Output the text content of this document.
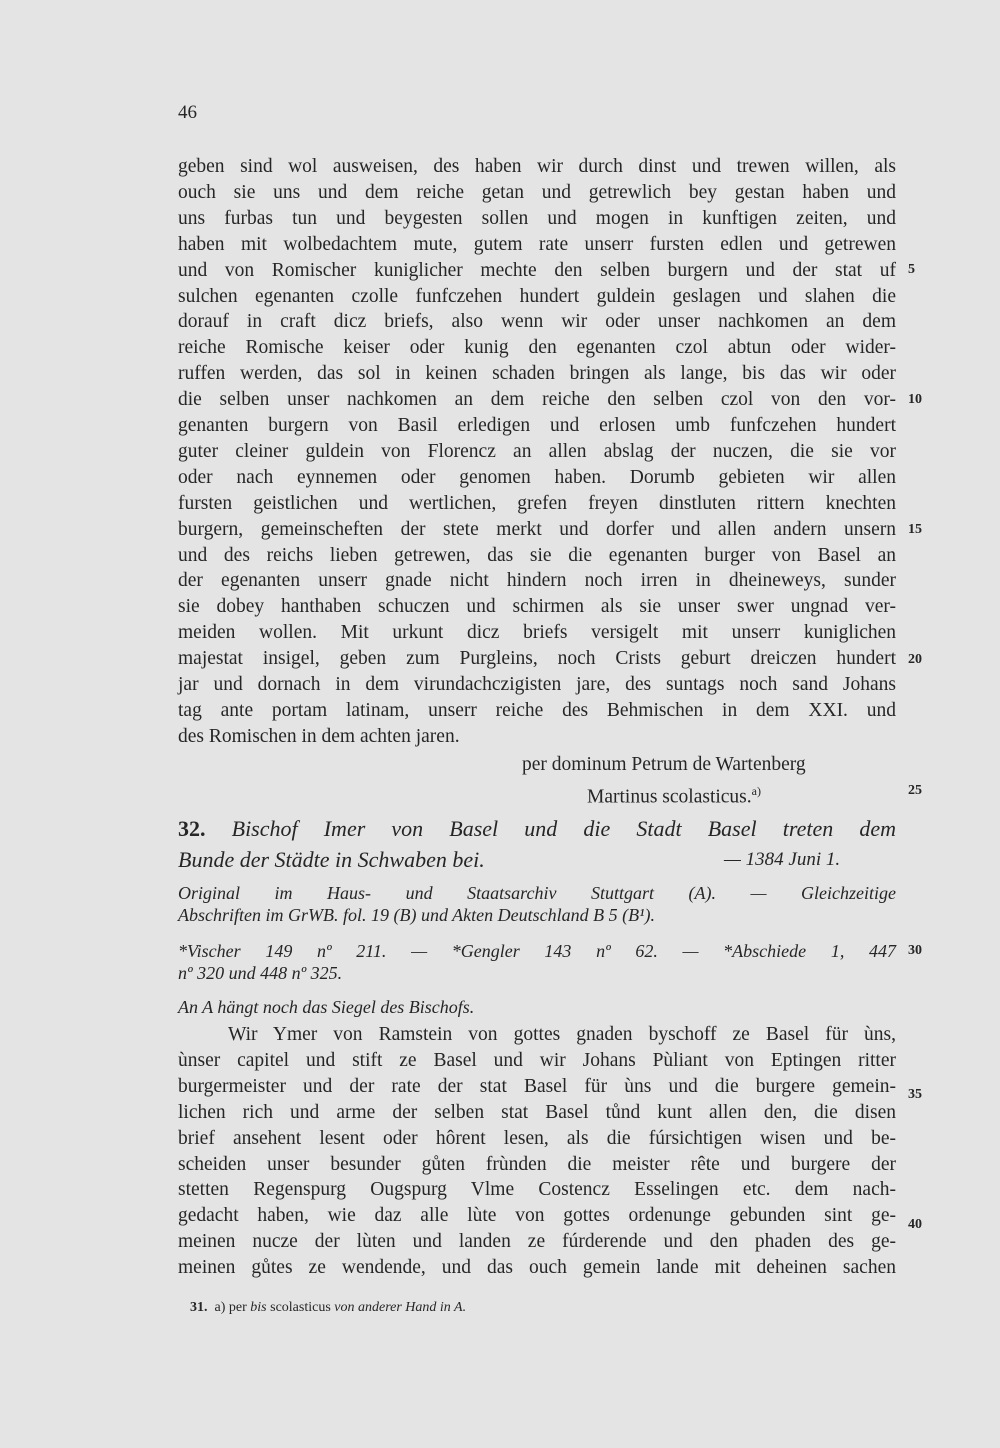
46
geben sind wol ausweisen, des haben wir durch dinst und trewen willen, als
ouch sie uns und dem reiche getan und getrewlich bey gestan haben und
uns furbas tun und beygesten sollen und mogen in kunftigen zeiten, und
haben mit wolbedachtem mute, gutem rate unserr fursten edlen und getrewen
und von Romischer kuniglicher mechte den selben burgern und der stat uf
sulchen egenanten czolle funfczehen hundert guldein geslagen und slahen die
dorauf in craft dicz briefs, also wenn wir oder unser nachkomen an dem
reiche Romische keiser oder kunig den egenanten czol abtun oder wider-
ruffen werden, das sol in keinen schaden bringen als lange, bis das wir oder
die selben unser nachkomen an dem reiche den selben czol von den vor-
genanten burgern von Basil erledigen und erlosen umb funfczehen hundert
guter cleiner guldein von Florencz an allen abslag der nuczen, die sie vor
oder nach eynnemen oder genomen haben. Dorumb gebieten wir allen
fursten geistlichen und wertlichen, grefen freyen dinstluten rittern knechten
burgern, gemeinscheften der stete merkt und dorfer und allen andern unsern
und des reichs lieben getrewen, das sie die egenanten burger von Basel an
der egenanten unserr gnade nicht hindern noch irren in dheineweys, sunder
sie dobey hanthaben schuczen und schirmen als sie unser swer ungnad ver-
meiden wollen. Mit urkunt dicz briefs versigelt mit unserr kuniglichen
majestat insigel, geben zum Purgleins, noch Crists geburt dreiczen hundert
jar und dornach in dem virundachczigisten jare, des suntags noch sand Johans
tag ante portam latinam, unserr reiche des Behmischen in dem XXI. und
des Romischen in dem achten jaren.
per dominum Petrum de Wartenberg
Martinus scolasticus.$^{a)}$
32. Bischof Imer von Basel und die Stadt Basel treten dem
Bunde der Städte in Schwaben bei.	— 1384 Juni 1.
Original im Haus- und Staatsarchiv Stuttgart (A). — Gleichzeitige
Abschriften im GrWB. fol. 19 (B) und Akten Deutschland B 5 (B¹).
*Vischer 149 nº 211. — *Gengler 143 nº 62. — *Abschiede 1, 447
nº 320 und 448 nº 325.
An A hängt noch das Siegel des Bischofs.
Wir Ymer von Ramstein von gottes gnaden byschoff ze Basel für ùns,
ùnser capitel und stift ze Basel und wir Johans Pùliant von Eptingen ritter
burgermeister und der rate der stat Basel für ùns und die burgere gemein-
lichen rich und arme der selben stat Basel tůnd kunt allen den, die disen
brief ansehent lesent oder hôrent lesen, als die fúrsichtigen wisen und be-
scheiden unser besunder gůten frùnden die meister rête und burgere der
stetten Regenspurg Ougspurg Vlme Costencz Esselingen etc. dem nach-
gedacht haben, wie daz alle lùte von gottes ordenunge gebunden sint ge-
meinen nucze der lùten und landen ze fúrderende und den phaden des ge-
meinen gůtes ze wendende, und das ouch gemein lande mit deheinen sachen
5
10
15
20
25
30
35
40
31. a) per bis scolasticus von anderer Hand in A.
